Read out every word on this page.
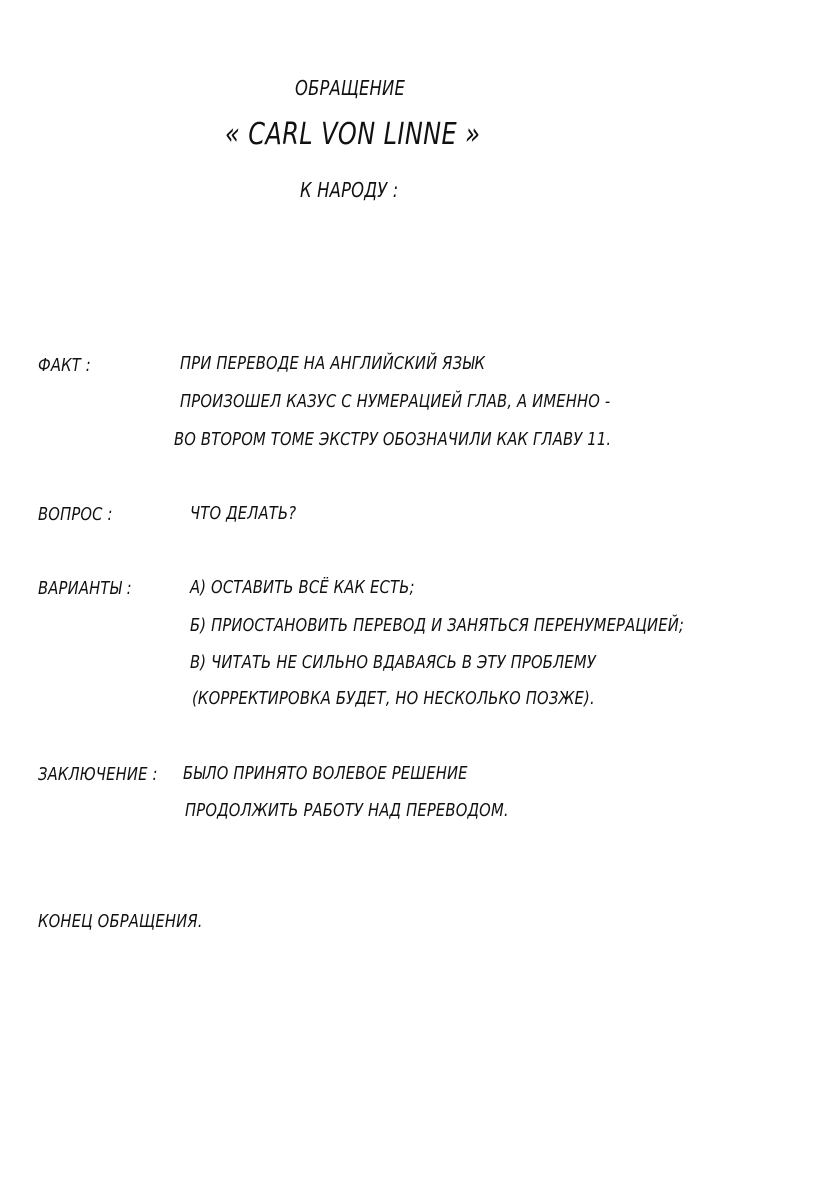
ОБРАЩЕНИЕ
« CARL VON LINNE »
К НАРОДУ :
ФАКТ :	ПРИ ПЕРЕВОДЕ НА АНГЛИЙСКИЙ ЯЗЫК
ПРОИЗОШЕЛ КАЗУС С НУМЕРАЦИЕЙ ГЛАВ, А ИМЕННО -
ВО ВТОРОМ ТОМЕ ЭКСТРУ ОБОЗНАЧИЛИ КАК ГЛАВУ 11.
ВОПРОС :	ЧТО ДЕЛАТЬ?
ВАРИАНТЫ :	А) ОСТАВИТЬ ВСЁ КАК ЕСТЬ;
Б) ПРИОСТАНОВИТЬ ПЕРЕВОД И ЗАНЯТЬСЯ ПЕРЕНУМЕРАЦИЕЙ;
В) ЧИТАТЬ НЕ СИЛЬНО ВДАВАЯСЬ В ЭТУ ПРОБЛЕМУ
(КОРРЕКТИРОВКА БУДЕТ, НО НЕСКОЛЬКО ПОЗЖЕ).
ЗАКЛЮЧЕНИЕ : БЫЛО ПРИНЯТО ВОЛЕВОЕ РЕШЕНИЕ
ПРОДОЛЖИТЬ РАБОТУ НАД ПЕРЕВОДОМ.
КОНЕЦ ОБРАЩЕНИЯ.
